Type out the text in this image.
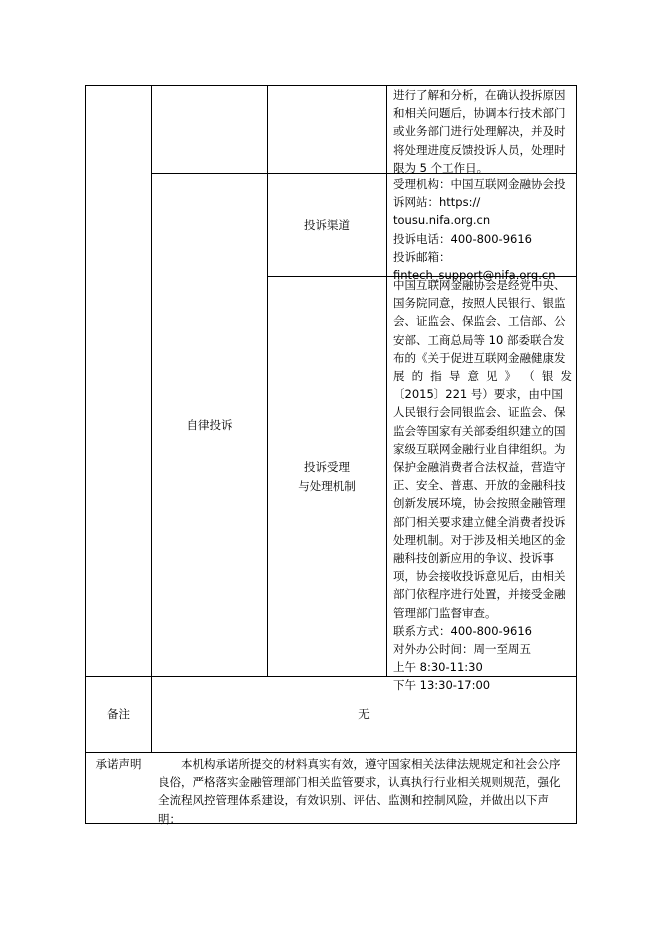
进行了解和分析，在确认投拆原因
和相关问题后，协调本行技术部门
或业务部门进行处理解决，并及时
将处理进度反馈投诉人员，处理时
限为 5 个工作日。
自律投诉
投诉渠道
受理机构：中国互联网金融协会投
诉网站：https://
tousu.nifa.org.cn
投诉电话：400-800-9616
投诉邮箱：
fintech_support@nifa.org.cn
投诉受理
与处理机制
中国互联网金融协会是经党中央、
国务院同意，按照人民银行、银监
会、证监会、保监会、工信部、公
安部、工商总局等 10 部委联合发
布的《关于促进互联网金融健康发
展 的 指 导 意 见 》 （ 银 发
〔2015〕221 号）要求，由中国
人民银行会同银监会、证监会、保
监会等国家有关部委组织建立的国
家级互联网金融行业自律组织。为
保护金融消费者合法权益，营造守
正、安全、普惠、开放的金融科技
创新发展环境，协会按照金融管理
部门相关要求建立健全消费者投诉
处理机制。对于涉及相关地区的金
融科技创新应用的争议、投诉事
项，协会接收投诉意见后，由相关
部门依程序进行处置，并接受金融
管理部门监督审查。
联系方式：400-800-9616
对外办公时间：周一至周五
上午 8:30-11:30
下午 13:30-17:00
备注	无
承诺声明	本机构承诺所提交的材料真实有效，遵守国家相关法律法规规定和社会公序良俗，严格落实金融管理部门相关监管要求，认真执行行业相关规则规范，强化全流程风控管理体系建设，有效识别、评估、监测和控制风险，并做出以下声明：
